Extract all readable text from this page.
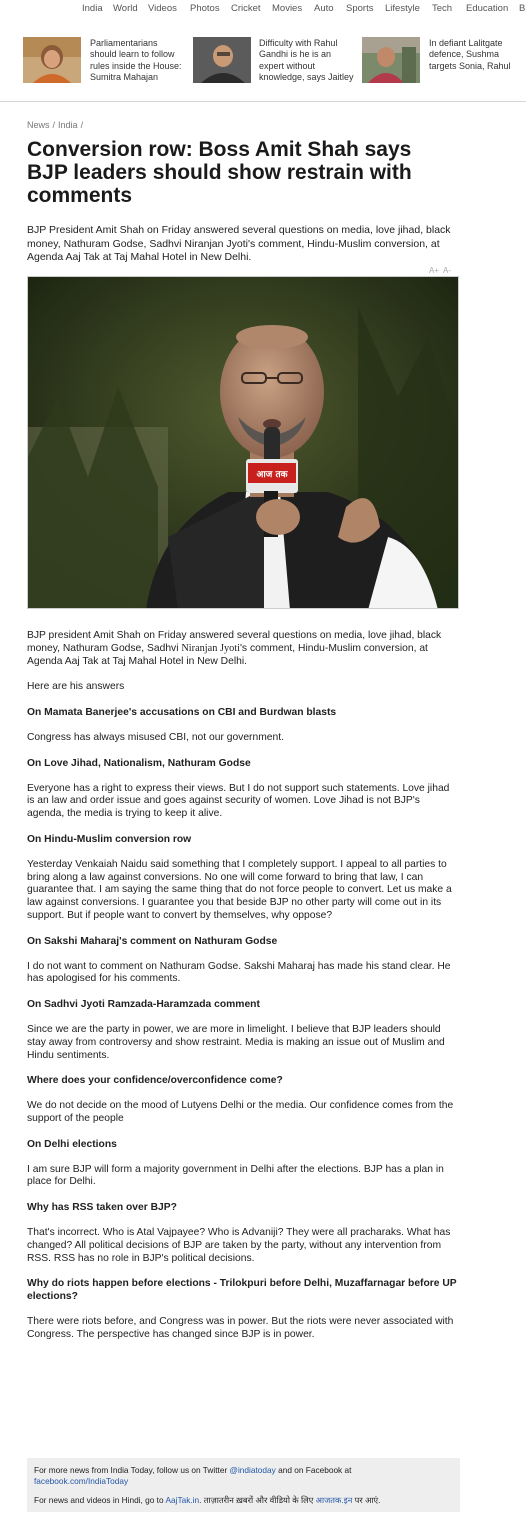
India World Videos Photos Cricket Movies Auto Sports Lifestyle Tech Education B
Parliamentarians should learn to follow rules inside the House: Sumitra Mahajan
Difficulty with Rahul Gandhi is he is an expert without knowledge, says Jaitley
In defiant Lalitgate defence, Sushma targets Sonia, Rahul
News / India /
Conversion row: Boss Amit Shah says BJP leaders should show restrain with comments

BJP President Amit Shah on Friday answered several questions on media, love jihad, black money, Nathuram Godse, Sadhvi Niranjan Jyoti's comment, Hindu-Muslim conversion, at Agenda Aaj Tak at Taj Mahal Hotel in New Delhi.

A+ A-
आज तक

BJP president Amit Shah on Friday answered several questions on media, love jihad, black money, Nathuram Godse, Sadhvi Niranjan Jyoti's comment, Hindu-Muslim conversion, at Agenda Aaj Tak at Taj Mahal Hotel in New Delhi.

Here are his answers

On Mamata Banerjee's accusations on CBI and Burdwan blasts

Congress has always misused CBI, not our government.

On Love Jihad, Nationalism, Nathuram Godse

Everyone has a right to express their views. But I do not support such statements. Love jihad is an law and order issue and goes against security of women. Love Jihad is not BJP's agenda, the media is trying to keep it alive.

On Hindu-Muslim conversion row

Yesterday Venkaiah Naidu said something that I completely support. I appeal to all parties to bring along a law against conversions. No one will come forward to bring that law, I can guarantee that. I am saying the same thing that do not force people to convert. Let us make a law against conversions. I guarantee you that beside BJP no other party will come out in its support. But if people want to convert by themselves, why oppose?

On Sakshi Maharaj's comment on Nathuram Godse

I do not want to comment on Nathuram Godse. Sakshi Maharaj has made his stand clear. He has apologised for his comments.

On Sadhvi Jyoti Ramzada-Haramzada comment

Since we are the party in power, we are more in limelight. I believe that BJP leaders should stay away from controversy and show restraint. Media is making an issue out of Muslim and Hindu sentiments.

Where does your confidence/overconfidence come?

We do not decide on the mood of Lutyens Delhi or the media. Our confidence comes from the support of the people

On Delhi elections

I am sure BJP will form a majority government in Delhi after the elections. BJP has a plan in place for Delhi.

Why has RSS taken over BJP?

That's incorrect. Who is Atal Vajpayee? Who is Advaniji? They were all pracharaks. What has changed? All political decisions of BJP are taken by the party, without any intervention from RSS. RSS has no role in BJP's political decisions.

Why do riots happen before elections - Trilokpuri before Delhi, Muzaffarnagar before UP elections?

There were riots before, and Congress was in power. But the riots were never associated with Congress. The perspective has changed since BJP is in power.

For more news from India Today, follow us on Twitter @indiatoday and on Facebook at facebook.com/IndiaToday
For news and videos in Hindi, go to AajTak.in. ताज़ातरीन ख़बरों और वीडियो के लिए आजतक.इन पर आएं.
